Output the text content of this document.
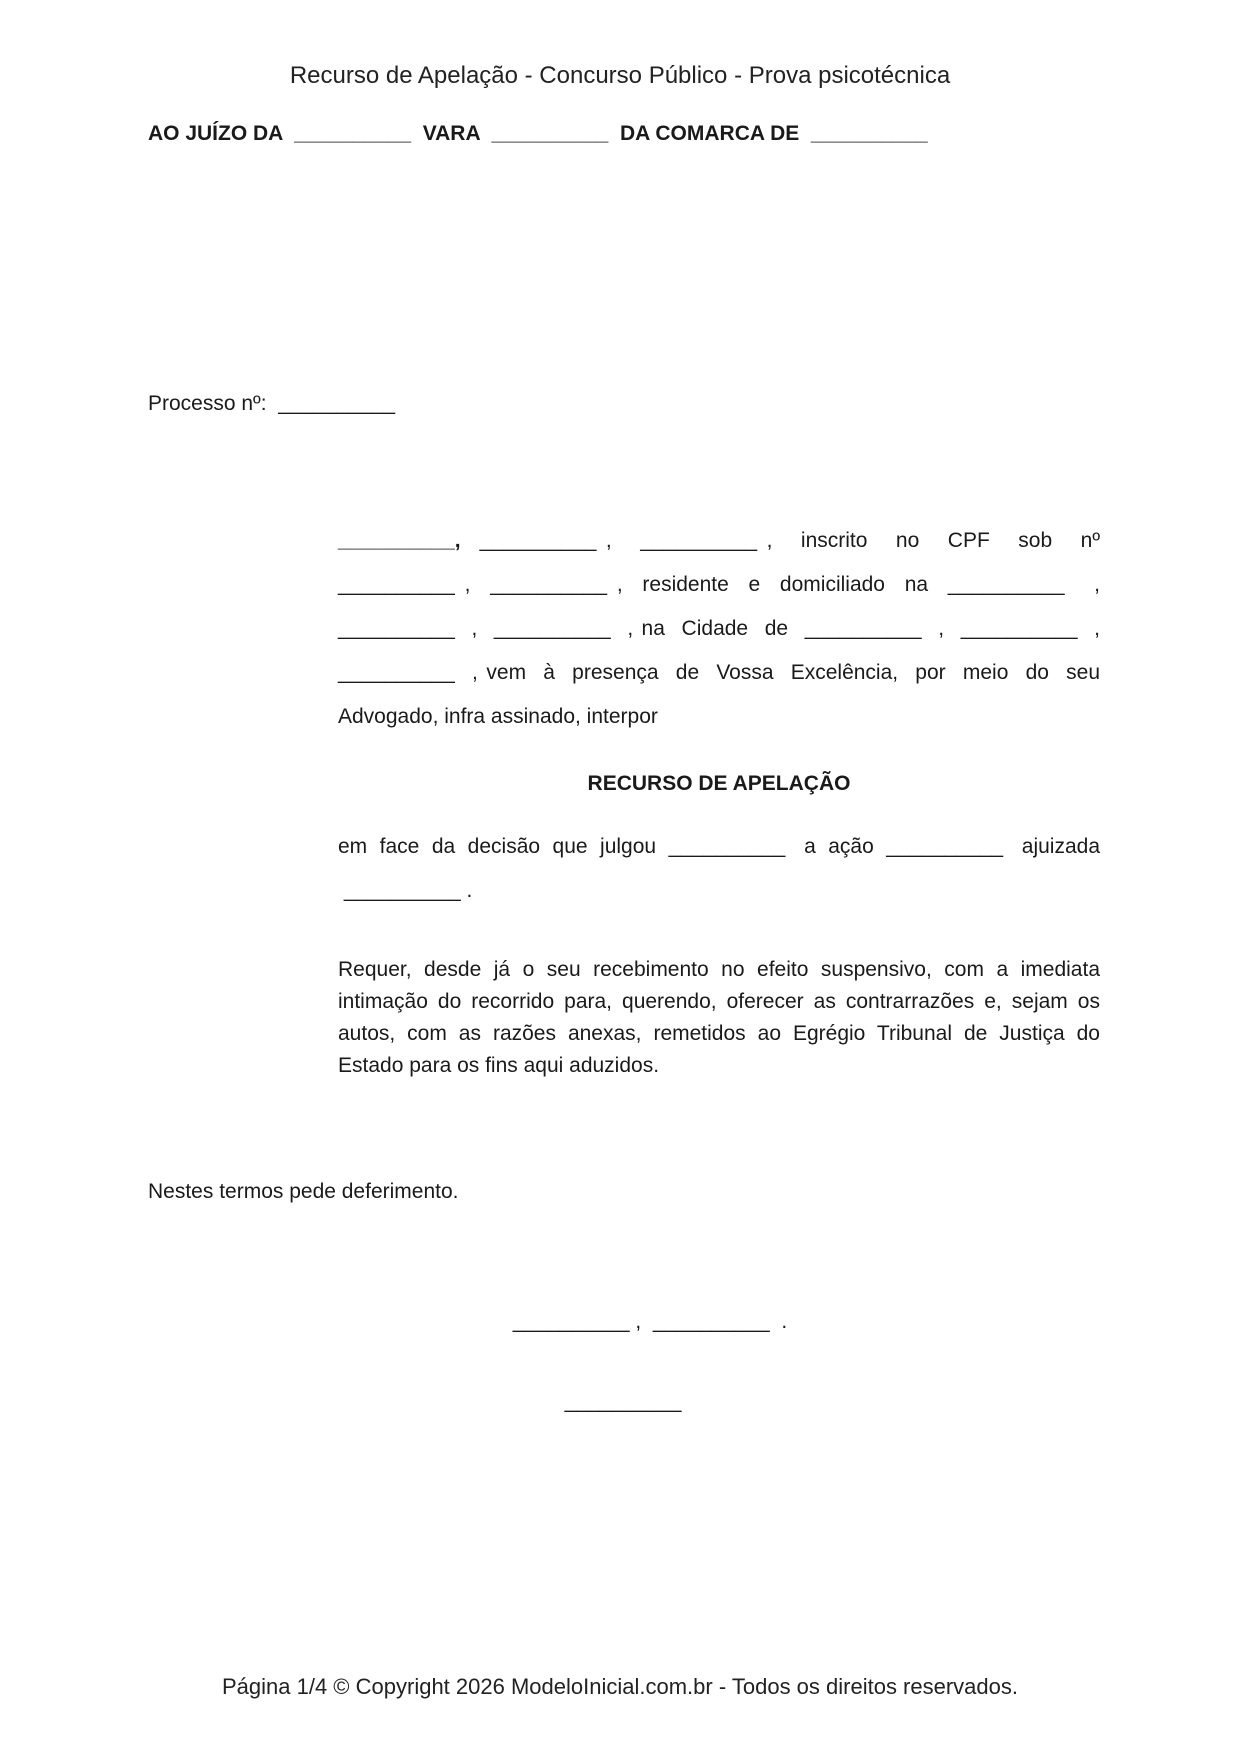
Recurso de Apelação - Concurso Público - Prova psicotécnica
AO JUÍZO DA  __________  VARA  __________  DA COMARCA DE  __________
Processo nº:  __________
__________,  __________ ,   __________ ,   inscrito   no   CPF   sob   nº
__________ ,  __________ ,  residente  e  domiciliado  na  __________   ,
__________  ,  __________  , na  Cidade  de  __________  ,  __________  ,
__________  , vem  à  presença  de  Vossa  Excelência,  por  meio  do  seu
Advogado, infra assinado, interpor
RECURSO DE APELAÇÃO
em  face  da  decisão  que  julgou  __________   a  ação  __________   ajuizada
__________ .
Requer, desde já o seu recebimento no efeito suspensivo, com a imediata intimação do recorrido para, querendo, oferecer as contrarrazões e, sejam os autos, com as razões anexas, remetidos ao Egrégio Tribunal de Justiça do Estado para os fins aqui aduzidos.
Nestes termos pede deferimento.
__________ ,  __________  .
__________
Página 1/4 © Copyright 2026 ModeloInicial.com.br - Todos os direitos reservados.
